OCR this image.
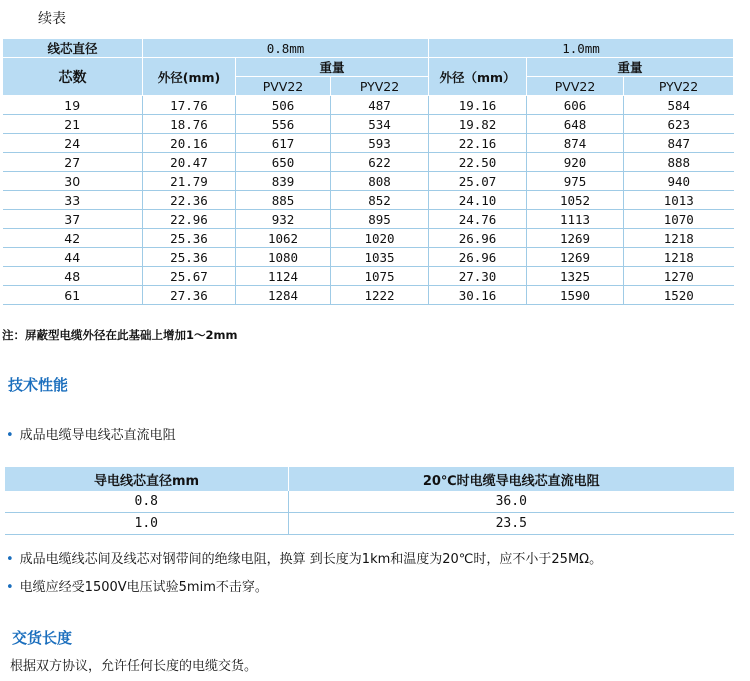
续表
线芯直径	0.8mm			1.0mm		
芯数	外径(mm)	重量		外径（mm）	重量	
		PVV22	PYV22		PVV22	PYV22
19	17.76	506	487	19.16	606	584
21	18.76	556	534	19.82	648	623
24	20.16	617	593	22.16	874	847
27	20.47	650	622	22.50	920	888
30	21.79	839	808	25.07	975	940
33	22.36	885	852	24.10	1052	1013
37	22.96	932	895	24.76	1113	1070
42	25.36	1062	1020	26.96	1269	1218
44	25.36	1080	1035	26.96	1269	1218
48	25.67	1124	1075	27.30	1325	1270
61	27.36	1284	1222	30.16	1590	1520
注：屏蔽型电缆外径在此基础上增加1～2mm
技术性能
• 成品电缆导电线芯直流电阻
导电线芯直径mm	20℃时电缆导电线芯直流电阻
0.8	36.0
1.0	23.5
• 成品电缆线芯间及线芯对钢带间的绝缘电阻，换算 到长度为1km和温度为20℃时，应不小于25MΩ。
• 电缆应经受1500V电压试验5mim不击穿。
交货长度
根据双方协议，允许任何长度的电缆交货。
